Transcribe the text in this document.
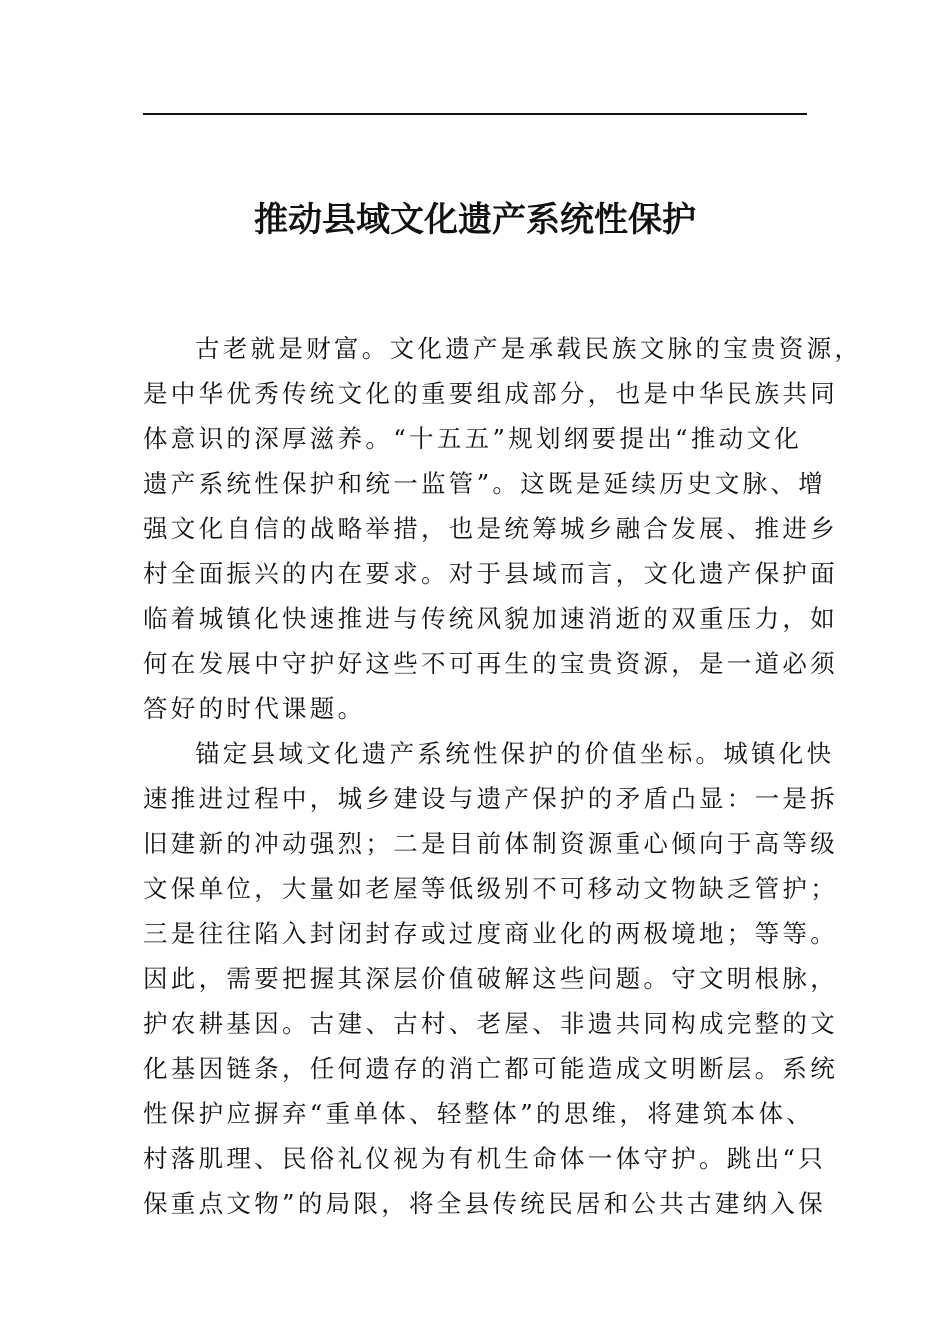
推动县域文化遗产系统性保护
古老就是财富。文化遗产是承载民族文脉的宝贵资源，
是中华优秀传统文化的重要组成部分，也是中华民族共同
体意识的深厚滋养。“十五五”规划纲要提出“推动文化
遗产系统性保护和统一监管”。这既是延续历史文脉、增
强文化自信的战略举措，也是统筹城乡融合发展、推进乡
村全面振兴的内在要求。对于县域而言，文化遗产保护面
临着城镇化快速推进与传统风貌加速消逝的双重压力，如
何在发展中守护好这些不可再生的宝贵资源，是一道必须
答好的时代课题。
锚定县域文化遗产系统性保护的价值坐标。城镇化快
速推进过程中，城乡建设与遗产保护的矛盾凸显：一是拆
旧建新的冲动强烈；二是目前体制资源重心倾向于高等级
文保单位，大量如老屋等低级别不可移动文物缺乏管护；
三是往往陷入封闭封存或过度商业化的两极境地；等等。
因此，需要把握其深层价值破解这些问题。守文明根脉，
护农耕基因。古建、古村、老屋、非遗共同构成完整的文
化基因链条，任何遗存的消亡都可能造成文明断层。系统
性保护应摒弃“重单体、轻整体”的思维，将建筑本体、
村落肌理、民俗礼仪视为有机生命体一体守护。跳出“只
保重点文物”的局限，将全县传统民居和公共古建纳入保
